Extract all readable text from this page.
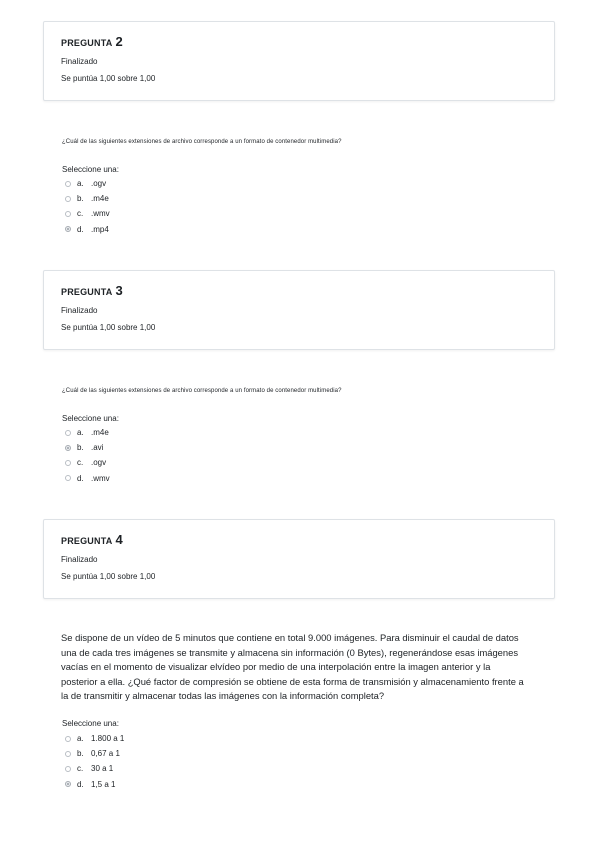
PREGUNTA 2
Finalizado
Se puntúa 1,00 sobre 1,00
¿Cuál de las siguientes extensiones de archivo corresponde a un formato de contenedor multimedia?
Seleccione una:
a. .ogv
b. .m4e
c. .wmv
d. .mp4
PREGUNTA 3
Finalizado
Se puntúa 1,00 sobre 1,00
¿Cuál de las siguientes extensiones de archivo corresponde a un formato de contenedor multimedia?
Seleccione una:
a. .m4e
b. .avi
c. .ogv
d. .wmv
PREGUNTA 4
Finalizado
Se puntúa 1,00 sobre 1,00
Se dispone de un vídeo de 5 minutos que contiene en total 9.000 imágenes. Para disminuir el caudal de datos
una de cada tres imágenes se transmite y almacena sin información (0 Bytes), regenerándose esas imágenes
vacías en el momento de visualizar elvídeo por medio de una interpolación entre la imagen anterior y la
posterior a ella. ¿Qué factor de compresión se obtiene de esta forma de transmisión y almacenamiento frente a
la de transmitir y almacenar todas las imágenes con la información completa?
Seleccione una:
a. 1.800 a 1
b. 0,67 a 1
c. 30 a 1
d. 1,5 a 1
